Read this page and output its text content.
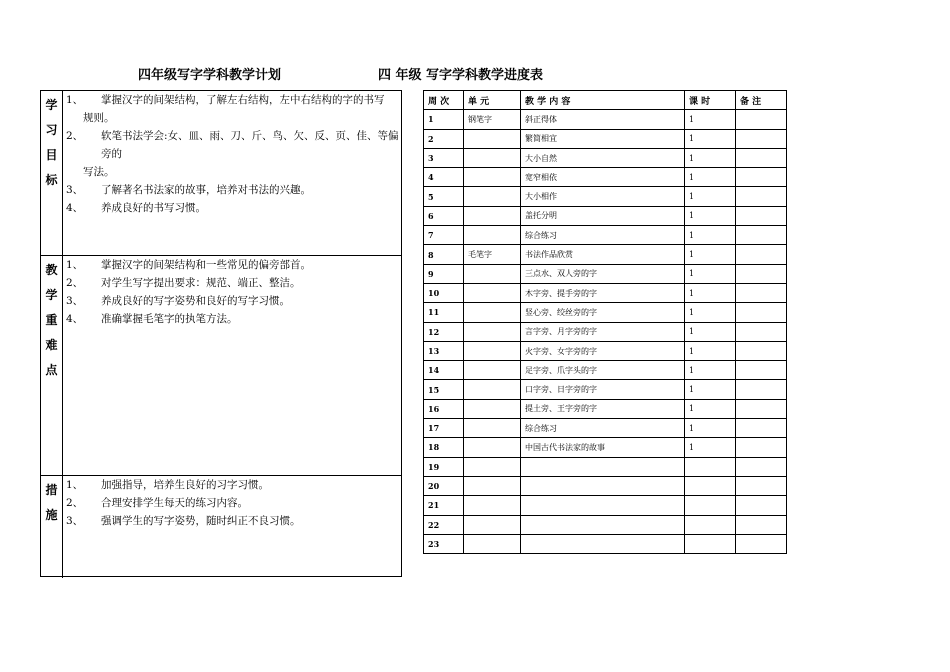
四年级写字学科教学计划	四 年级 写字学科教学进度表
学
习
目
标
1、	掌握汉字的间架结构，了解左右结构，左中右结构的字的书写
规则。
2、	软笔书法学会:女、皿、雨、刀、斤、鸟、欠、反、页、佳、等偏旁的
写法。
3、	了解著名书法家的故事，培养对书法的兴趣。
4、	养成良好的书写习惯。
教
学
重
难
点
1、	掌握汉字的间架结构和一些常见的偏旁部首。
2、	对学生写字提出要求：规范、端正、整洁。
3、	养成良好的写字姿势和良好的写字习惯。
4、	准确掌握毛笔字的执笔方法。
措
施
1、	加强指导，培养生良好的习字习惯。
2、	合理安排学生每天的练习内容。
3、	强调学生的写字姿势，随时纠正不良习惯。
周 次	单 元	教 学 内 容	课 时	备 注
1	钢笔字	斜正得体	1	
2		繁简相宜	1	
3		大小自然	1	
4		宽窄相依	1	
5		大小相作	1	
6		盖托分明	1	
7		综合练习	1	
8	毛笔字	书法作品欣赏	1	
9		三点水、双人旁的字	1	
10		木字旁、提手旁的字	1	
11		竖心旁、绞丝旁的字	1	
12		言字旁、月字旁的字	1	
13		火字旁、女字旁的字	1	
14		足字旁、爪字头的字	1	
15		口字旁、日字旁的字	1	
16		提土旁、王字旁的字	1	
17		综合练习	1	
18		中国古代书法家的故事	1	
19				
20				
21				
22				
23				
